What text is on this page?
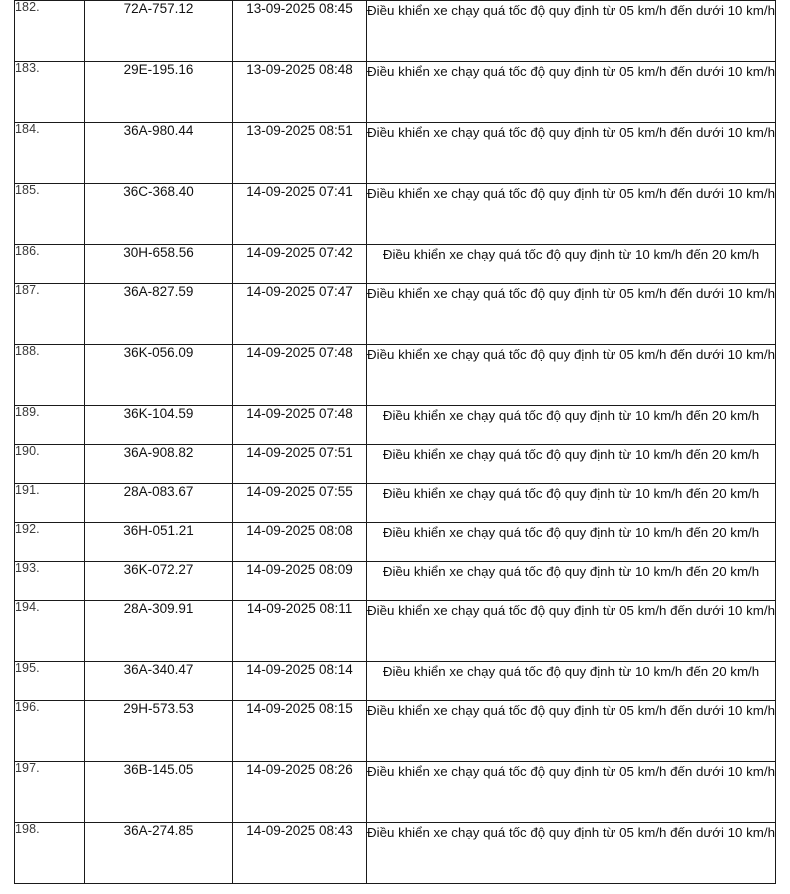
182.	72A-757.12	13-09-2025 08:45	Điều khiển xe chạy quá tốc độ quy định từ 05 km/h đến dưới 10 km/h
183.	29E-195.16	13-09-2025 08:48	Điều khiển xe chạy quá tốc độ quy định từ 05 km/h đến dưới 10 km/h
184.	36A-980.44	13-09-2025 08:51	Điều khiển xe chạy quá tốc độ quy định từ 05 km/h đến dưới 10 km/h
185.	36C-368.40	14-09-2025 07:41	Điều khiển xe chạy quá tốc độ quy định từ 05 km/h đến dưới 10 km/h
186.	30H-658.56	14-09-2025 07:42	Điều khiển xe chạy quá tốc độ quy định từ 10 km/h đến 20 km/h
187.	36A-827.59	14-09-2025 07:47	Điều khiển xe chạy quá tốc độ quy định từ 05 km/h đến dưới 10 km/h
188.	36K-056.09	14-09-2025 07:48	Điều khiển xe chạy quá tốc độ quy định từ 05 km/h đến dưới 10 km/h
189.	36K-104.59	14-09-2025 07:48	Điều khiển xe chạy quá tốc độ quy định từ 10 km/h đến 20 km/h
190.	36A-908.82	14-09-2025 07:51	Điều khiển xe chạy quá tốc độ quy định từ 10 km/h đến 20 km/h
191.	28A-083.67	14-09-2025 07:55	Điều khiển xe chạy quá tốc độ quy định từ 10 km/h đến 20 km/h
192.	36H-051.21	14-09-2025 08:08	Điều khiển xe chạy quá tốc độ quy định từ 10 km/h đến 20 km/h
193.	36K-072.27	14-09-2025 08:09	Điều khiển xe chạy quá tốc độ quy định từ 10 km/h đến 20 km/h
194.	28A-309.91	14-09-2025 08:11	Điều khiển xe chạy quá tốc độ quy định từ 05 km/h đến dưới 10 km/h
195.	36A-340.47	14-09-2025 08:14	Điều khiển xe chạy quá tốc độ quy định từ 10 km/h đến 20 km/h
196.	29H-573.53	14-09-2025 08:15	Điều khiển xe chạy quá tốc độ quy định từ 05 km/h đến dưới 10 km/h
197.	36B-145.05	14-09-2025 08:26	Điều khiển xe chạy quá tốc độ quy định từ 05 km/h đến dưới 10 km/h
198.	36A-274.85	14-09-2025 08:43	Điều khiển xe chạy quá tốc độ quy định từ 05 km/h đến dưới 10 km/h
